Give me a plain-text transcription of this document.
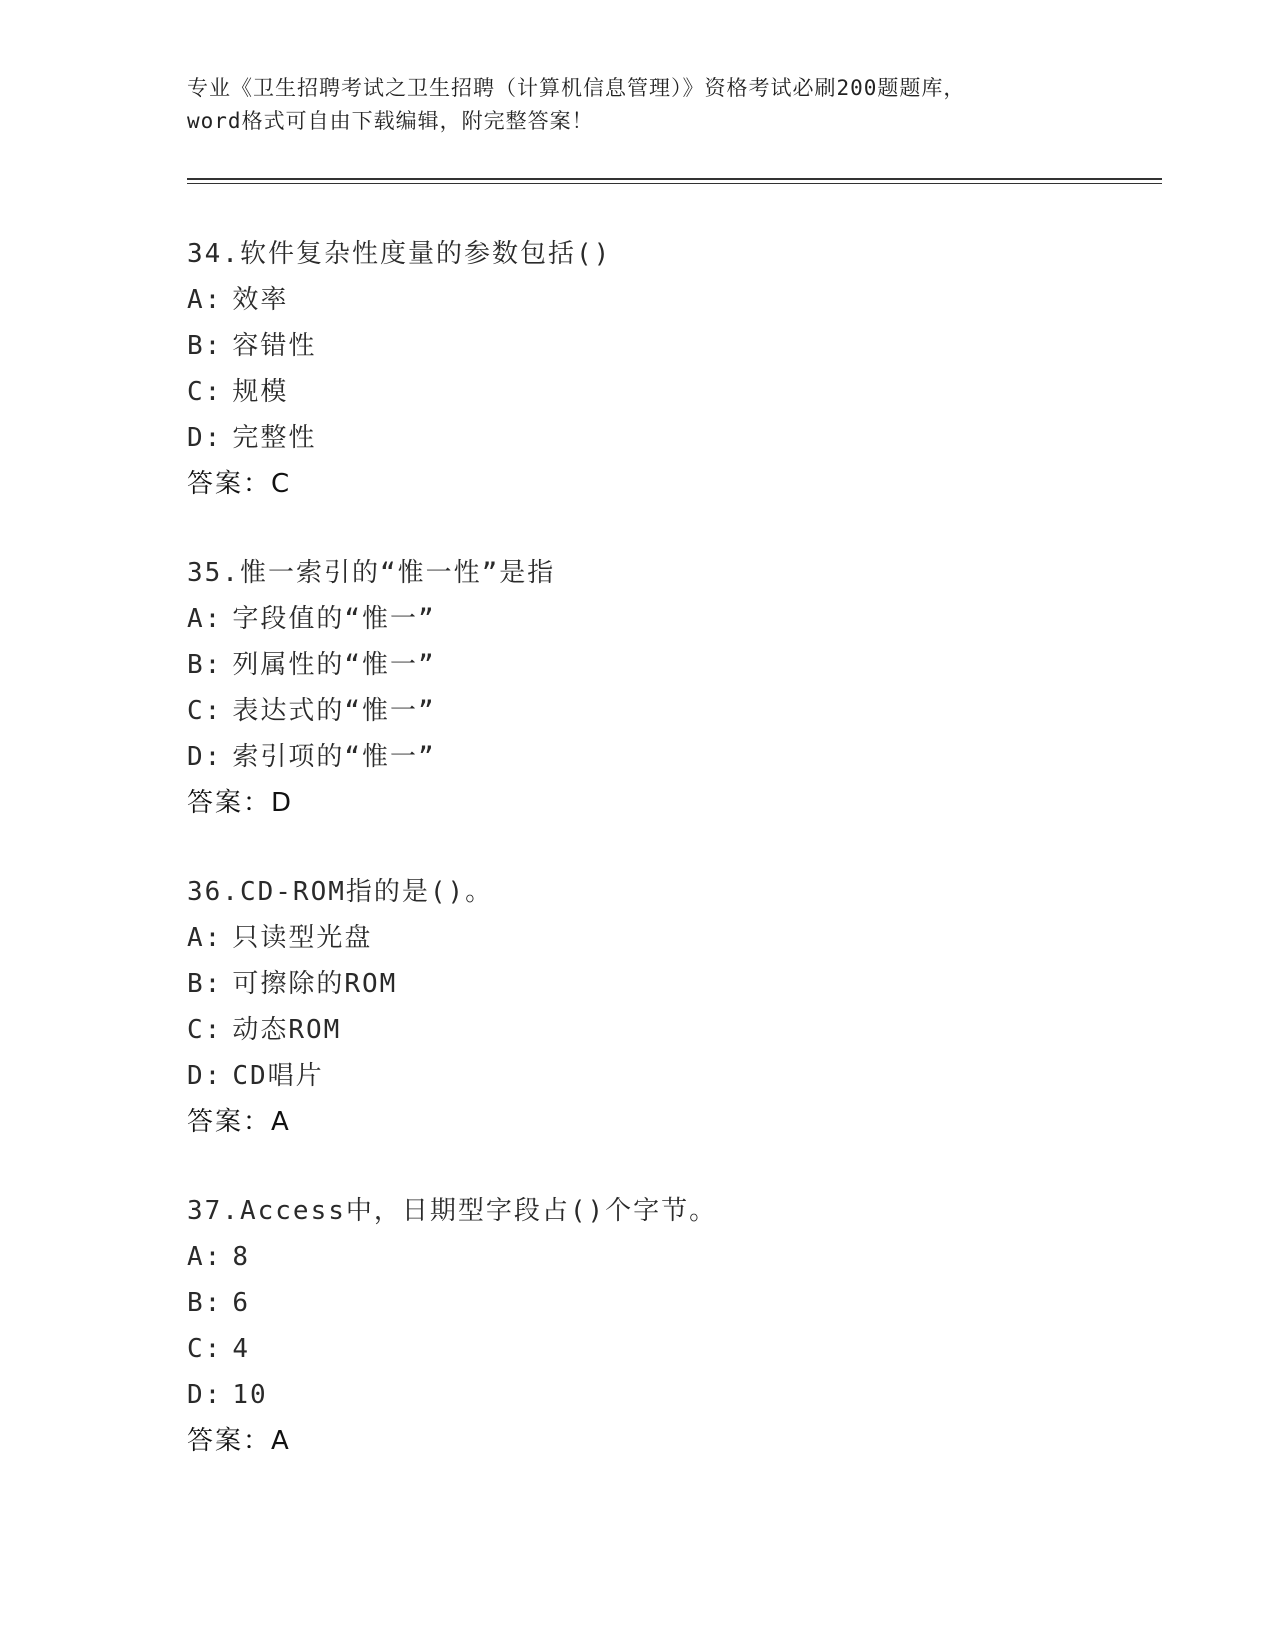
专业《卫生招聘考试之卫生招聘（计算机信息管理）》资格考试必刷200题题库，
word格式可自由下载编辑，附完整答案！
34.软件复杂性度量的参数包括()
A: 效率
B: 容错性
C: 规模
D: 完整性
答案：C
35.惟一索引的“惟一性”是指
A: 字段值的“惟一”
B: 列属性的“惟一”
C: 表达式的“惟一”
D: 索引项的“惟一”
答案：D
36.CD-ROM指的是()。
A: 只读型光盘
B: 可擦除的ROM
C: 动态ROM
D: CD唱片
答案：A
37.Access中，日期型字段占()个字节。
A: 8
B: 6
C: 4
D: 10
答案：A
